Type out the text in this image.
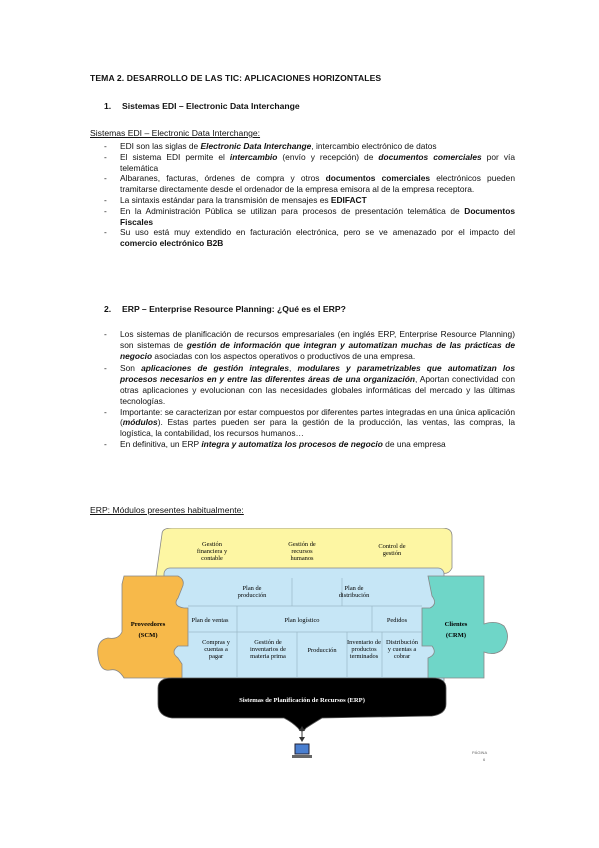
TEMA 2. DESARROLLO DE LAS TIC: APLICACIONES HORIZONTALES
1. Sistemas EDI – Electronic Data Interchange
Sistemas EDI – Electronic Data Interchange:
- EDI son las siglas de Electronic Data Interchange, intercambio electrónico de datos
- El sistema EDI permite el intercambio (envío y recepción) de documentos comerciales por vía telemática
- Albaranes, facturas, órdenes de compra y otros documentos comerciales electrónicos pueden tramitarse directamente desde el ordenador de la empresa emisora al de la empresa receptora.
- La sintaxis estándar para la transmisión de mensajes es EDIFACT
- En la Administración Pública se utilizan para procesos de presentación telemática de Documentos Fiscales
- Su uso está muy extendido en facturación electrónica, pero se ve amenazado por el impacto del comercio electrónico B2B
2. ERP – Enterprise Resource Planning: ¿Qué es el ERP?
- Los sistemas de planificación de recursos empresariales (en inglés ERP, Enterprise Resource Planning) son sistemas de gestión de información que integran y automatizan muchas de las prácticas de negocio asociadas con los aspectos operativos o productivos de una empresa.
- Son aplicaciones de gestión integrales, modulares y parametrizables que automatizan los procesos necesarios en y entre las diferentes áreas de una organización, Aportan conectividad con otras aplicaciones y evolucionan con las necesidades globales informáticas del mercado y las últimas tecnologías.
- Importante: se caracterizan por estar compuestos por diferentes partes integradas en una única aplicación (módulos). Estas partes pueden ser para la gestión de la producción, las ventas, las compras, la logística, la contabilidad, los recursos humanos…
- En definitiva, un ERP integra y automatiza los procesos de negocio de una empresa
ERP: Módulos presentes habitualmente:
Gestión financiera y contable
Gestión de recursos humanos
Control de gestión
Plan de producción
Plan de distribución
Plan de ventas	Plan logístico	Pedidos
Compras y cuentas a pagar
Gestión de inventarios de materia prima
Producción
Inventario de productos terminados
Distribución y cuentas a cobrar
Proveedores (SCM)
Clientes (CRM)
Sistemas de Planificación de Recursos (ERP)
PÁGINA
6
